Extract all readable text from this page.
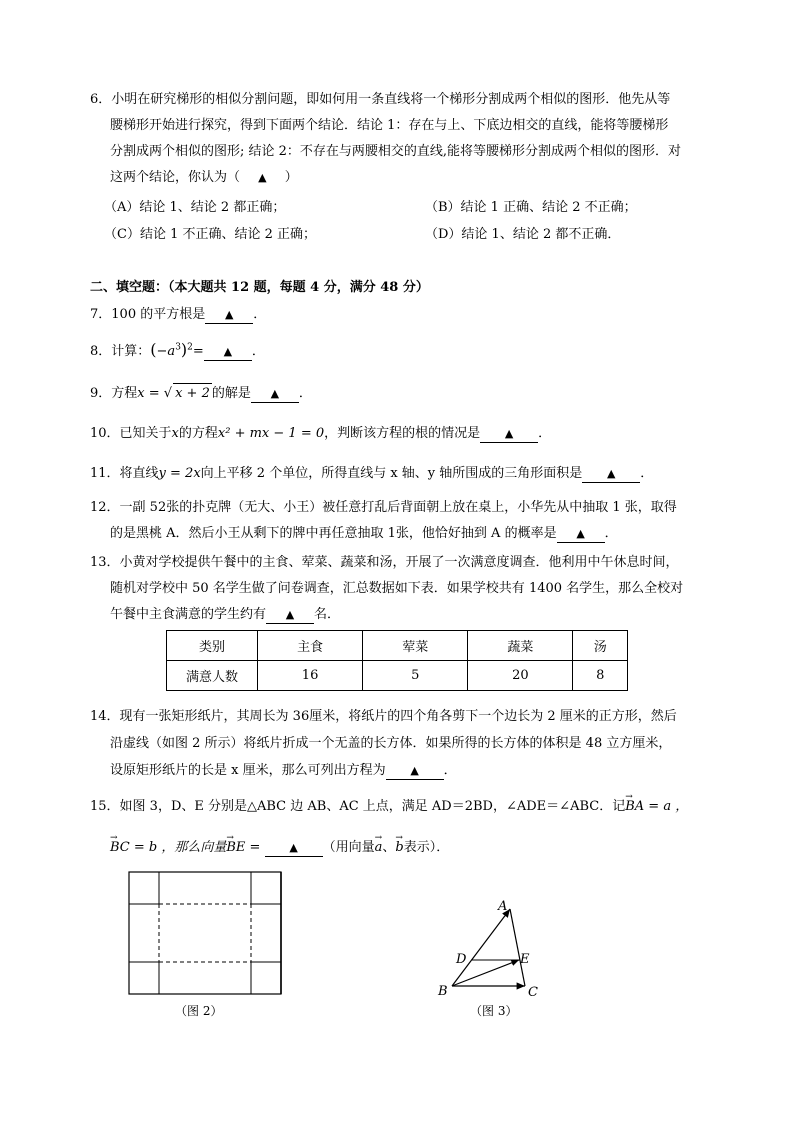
6．小明在研究梯形的相似分割问题，即如何用一条直线将一个梯形分割成两个相似的图形．他先从等
腰梯形开始进行探究，得到下面两个结论．结论 1：存在与上、下底边相交的直线，能将等腰梯形
分割成两个相似的图形; 结论 2：不存在与两腰相交的直线,能将等腰梯形分割成两个相似的图形．对
这两个结论，你认为（ ▲ ）
（A）结论 1、结论 2 都正确；	（B）结论 1 正确、结论 2 不正确；
（C）结论 1 不正确、结论 2 正确；	（D）结论 1、结论 2 都不正确．
二、填空题：（本大题共 12 题，每题 4 分，满分 48 分）
7．100 的平方根是 ▲ ．
8．计算：$(-a^3)^2=$ ▲ ．
9．方程x = √ x + 2 的解是 ▲ ．
10．已知关于x的方程x² + mx − 1 = 0，判断该方程的根的情况是 ▲ ．
11．将直线y = 2x向上平移 2 个单位，所得直线与 x 轴、y 轴所围成的三角形面积是 ▲ ．
12．一副 52张的扑克牌（无大、小王）被任意打乱后背面朝上放在桌上，小华先从中抽取 1 张，取得
的是黑桃 A．然后小王从剩下的牌中再任意抽取 1张，他恰好抽到 A 的概率是 ▲ ．
13．小黄对学校提供午餐中的主食、荤菜、蔬菜和汤，开展了一次满意度调查．他利用中午休息时间，
随机对学校中 50 名学生做了问卷调查，汇总数据如下表．如果学校共有 1400 名学生，那么全校对
午餐中主食满意的学生约有 ▲ 名．
类别	主食	荤菜	蔬菜	汤
满意人数	16	5	20	8
14．现有一张矩形纸片，其周长为 36厘米，将纸片的四个角各剪下一个边长为 2 厘米的正方形，然后
沿虚线（如图 2 所示）将纸片折成一个无盖的长方体．如果所得的长方体的体积是 48 立方厘米，
设原矩形纸片的长是 x 厘米，那么可列出方程为 ▲ ．
15．如图 3，D、E 分别是△ABC 边 AB、AC 上点，满足 AD＝2BD，∠ADE＝∠ABC．记→ BA = a ，
→ BC = b ，那么向量→ BE = ▲ （用向量→ a、→ b表示）．
（图 2）
A
B	C
D	E
（图 3）
